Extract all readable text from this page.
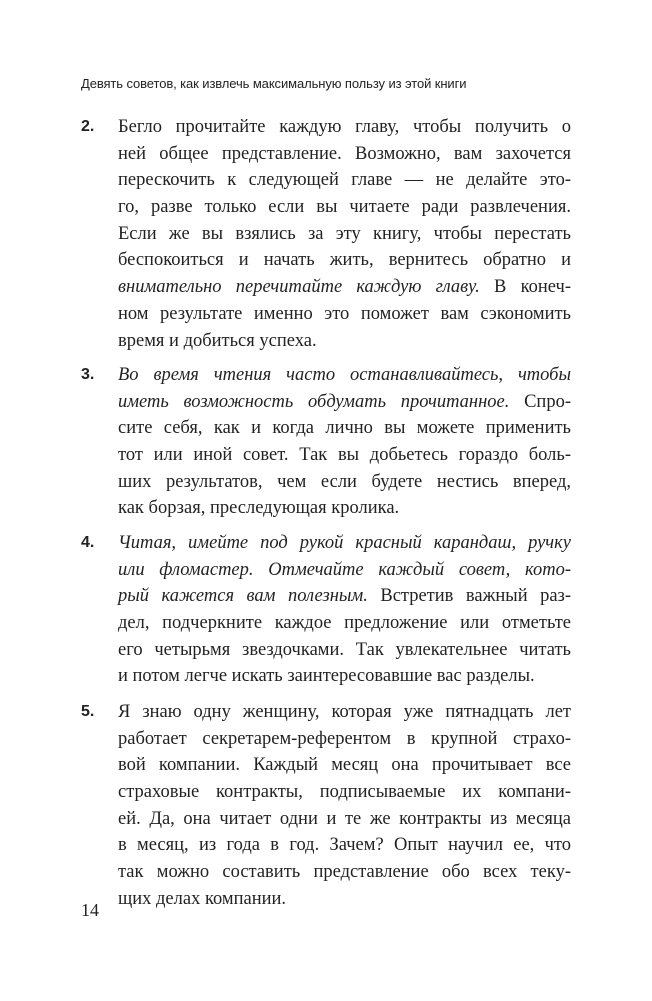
Девять советов, как извлечь максимальную пользу из этой книги
2. Бегло прочитайте каждую главу, чтобы получить о
ней общее представление. Возможно, вам захочется
перескочить к следующей главе — не делайте это-
го, разве только если вы читаете ради развлечения.
Если же вы взялись за эту книгу, чтобы перестать
беспокоиться и начать жить, вернитесь обратно и
внимательно перечитайте каждую главу. В конеч-
ном результате именно это поможет вам сэкономить
время и добиться успеха.
3. Во время чтения часто останавливайтесь, чтобы
иметь возможность обдумать прочитанное. Спро-
сите себя, как и когда лично вы можете применить
тот или иной совет. Так вы добьетесь гораздо боль-
ших результатов, чем если будете нестись вперед,
как борзая, преследующая кролика.
4. Читая, имейте под рукой красный карандаш, ручку
или фломастер. Отмечайте каждый совет, кото-
рый кажется вам полезным. Встретив важный раз-
дел, подчеркните каждое предложение или отметьте
его четырьмя звездочками. Так увлекательнее читать
и потом легче искать заинтересовавшие вас разделы.
5. Я знаю одну женщину, которая уже пятнадцать лет
работает секретарем-референтом в крупной страхо-
вой компании. Каждый месяц она прочитывает все
страховые контракты, подписываемые их компани-
ей. Да, она читает одни и те же контракты из месяца
в месяц, из года в год. Зачем? Опыт научил ее, что
так можно составить представление обо всех теку-
щих делах компании.
14
